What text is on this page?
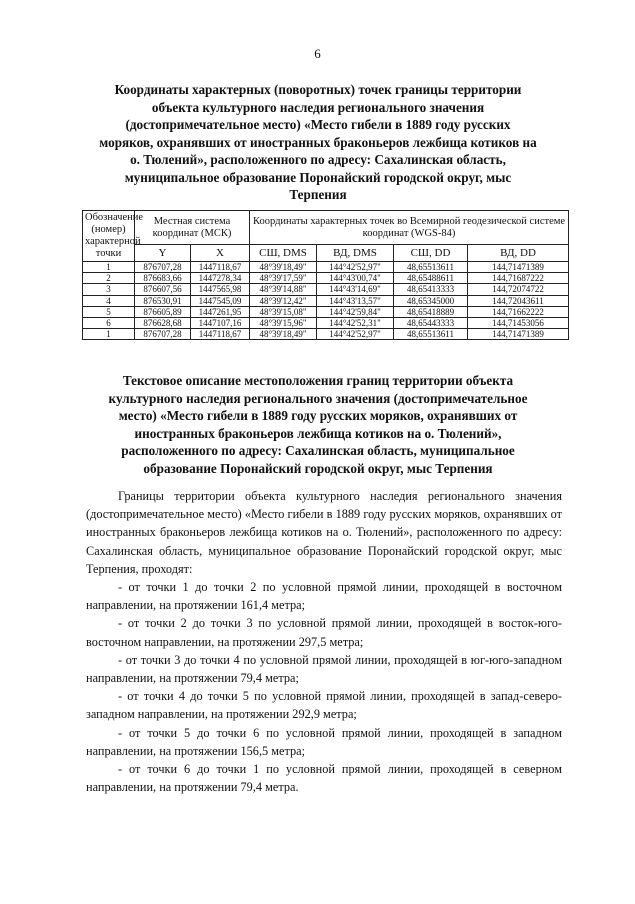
6
Координаты характерных (поворотных) точек границы территории
объекта культурного наследия регионального значения
(достопримечательное место) «Место гибели в 1889 году русских
моряков, охранявших от иностранных браконьеров лежбища котиков на
о. Тюлений», расположенного по адресу: Сахалинская область,
муниципальное образование Поронайский городской округ, мыс
Терпения
Обозначение (номер) характерной точки	Местная система координат (МСК)		Координаты характерных точек во Всемирной геодезической системе координат (WGS-84)			
	Y	X	СШ, DMS	ВД, DMS	СШ, DD	ВД, DD
1	876707,28	1447118,67	48°39'18,49"	144°42'52,97"	48,65513611	144,71471389
2	876683,66	1447278,34	48°39'17,59"	144°43'00,74"	48,65488611	144,71687222
3	876607,56	1447565,98	48°39'14,88"	144°43'14,69"	48,65413333	144,72074722
4	876530,91	1447545,09	48°39'12,42"	144°43'13,57"	48,65345000	144,72043611
5	876605,89	1447261,95	48°39'15,08"	144°42'59,84"	48,65418889	144,71662222
6	876628,68	1447107,16	48°39'15,96"	144°42'52,31"	48,65443333	144,71453056
1	876707,28	1447118,67	48°39'18,49"	144°42'52,97"	48,65513611	144,71471389
Текстовое описание местоположения границ территории объекта
культурного наследия регионального значения (достопримечательное
место) «Место гибели в 1889 году русских моряков, охранявших от
иностранных браконьеров лежбища котиков на о. Тюлений»,
расположенного по адресу: Сахалинская область, муниципальное
образование Поронайский городской округ, мыс Терпения

Границы территории объекта культурного наследия регионального значения (достопримечательное место) «Место гибели в 1889 году русских моряков, охранявших от иностранных браконьеров лежбища котиков на о. Тюлений», расположенного по адресу: Сахалинская область, муниципальное образование Поронайский городской округ, мыс Терпения, проходят:

- от точки 1 до точки 2 по условной прямой линии, проходящей в восточном направлении, на протяжении 161,4 метра;

- от точки 2 до точки 3 по условной прямой линии, проходящей в восток-юго-восточном направлении, на протяжении 297,5 метра;

- от точки 3 до точки 4 по условной прямой линии, проходящей в юг-юго-западном направлении, на протяжении 79,4 метра;

- от точки 4 до точки 5 по условной прямой линии, проходящей в запад-северо-западном направлении, на протяжении 292,9 метра;

- от точки 5 до точки 6 по условной прямой линии, проходящей в западном направлении, на протяжении 156,5 метра;

- от точки 6 до точки 1 по условной прямой линии, проходящей в северном направлении, на протяжении 79,4 метра.
